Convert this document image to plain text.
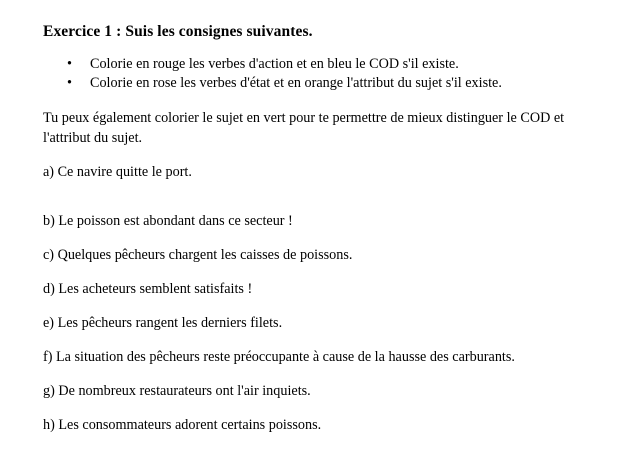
Exercice 1 : Suis les consignes suivantes.
• Colorie en rouge les verbes d'action et en bleu le COD s'il existe.
• Colorie en rose les verbes d'état et en orange l'attribut du sujet s'il existe.

Tu peux également colorier le sujet en vert pour te permettre de mieux distinguer le COD et l'attribut du sujet.

a) Ce navire quitte le port.
b) Le poisson est abondant dans ce secteur !
c) Quelques pêcheurs chargent les caisses de poissons.
d) Les acheteurs semblent satisfaits !
e) Les pêcheurs rangent les derniers filets.
f) La situation des pêcheurs reste préoccupante à cause de la hausse des carburants.
g) De nombreux restaurateurs ont l'air inquiets.
h) Les consommateurs adorent certains poissons.
